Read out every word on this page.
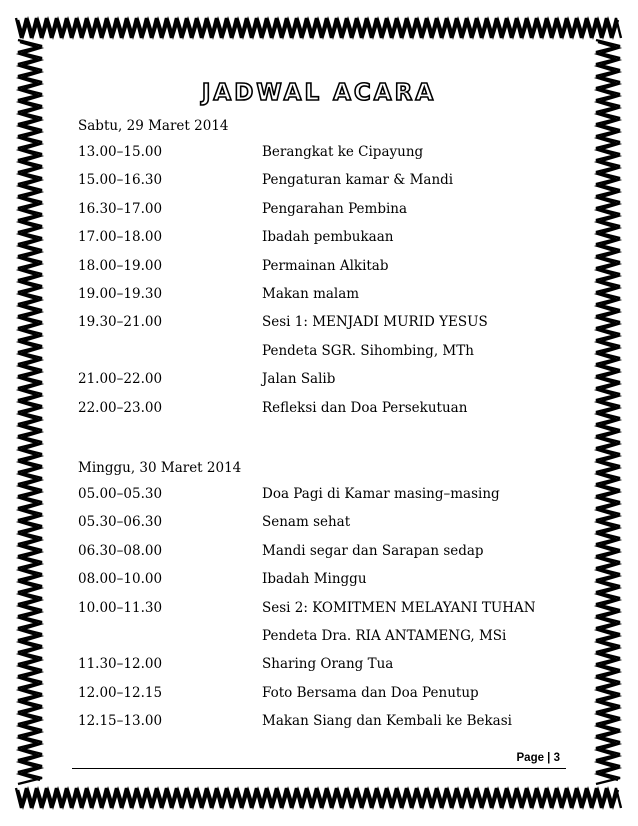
JADWAL ACARA
Sabtu, 29 Maret 2014
Minggu, 30 Maret 2014
13.00–15.00	Berangkat ke Cipayung
15.00–16.30	Pengaturan kamar & Mandi
16.30–17.00	Pengarahan Pembina
17.00–18.00	Ibadah pembukaan
18.00–19.00	Permainan Alkitab
19.00–19.30	Makan malam
19.30–21.00	Sesi 1: MENJADI MURID YESUS
Pendeta SGR. Sihombing, MTh
21.00–22.00	Jalan Salib
22.00–23.00	Refleksi dan Doa Persekutuan
05.00–05.30	Doa Pagi di Kamar masing–masing
05.30–06.30	Senam sehat
06.30–08.00	Mandi segar dan Sarapan sedap
08.00–10.00	Ibadah Minggu
10.00–11.30	Sesi 2: KOMITMEN MELAYANI TUHAN
Pendeta Dra. RIA ANTAMENG, MSi
11.30–12.00	Sharing Orang Tua
12.00–12.15	Foto Bersama dan Doa Penutup
12.15–13.00	Makan Siang dan Kembali ke Bekasi
Page | 3
